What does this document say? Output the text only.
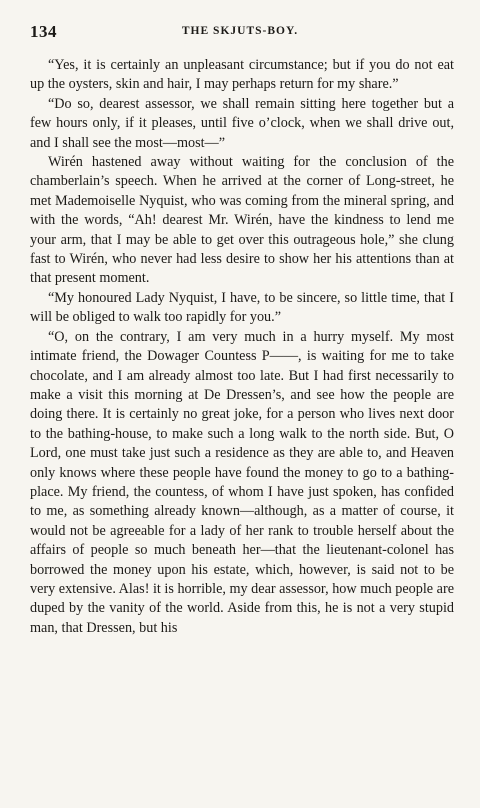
134	THE SKJUTS-BOY.

“Yes, it is certainly an unpleasant circumstance; but if you do not eat up the oysters, skin and hair, I may perhaps return for my share.”

“Do so, dearest assessor, we shall remain sitting here together but a few hours only, if it pleases, until five o’clock, when we shall drive out, and I shall see the most—most—”

Wirén hastened away without waiting for the conclusion of the chamberlain’s speech. When he arrived at the corner of Long-street, he met Mademoiselle Nyquist, who was coming from the mineral spring, and with the words, “Ah! dearest Mr. Wirén, have the kindness to lend me your arm, that I may be able to get over this outrageous hole,” she clung fast to Wirén, who never had less desire to show her his attentions than at that present moment.

“My honoured Lady Nyquist, I have, to be sincere, so little time, that I will be obliged to walk too rapidly for you.”

“O, on the contrary, I am very much in a hurry myself. My most intimate friend, the Dowager Countess P——, is waiting for me to take chocolate, and I am already almost too late. But I had first necessarily to make a visit this morning at De Dressen’s, and see how the people are doing there. It is certainly no great joke, for a person who lives next door to the bathing-house, to make such a long walk to the north side. But, O Lord, one must take just such a residence as they are able to, and Heaven only knows where these people have found the money to go to a bathing-place. My friend, the countess, of whom I have just spoken, has confided to me, as something already known—although, as a matter of course, it would not be agreeable for a lady of her rank to trouble herself about the affairs of people so much beneath her—that the lieutenant-colonel has borrowed the money upon his estate, which, however, is said not to be very extensive. Alas! it is horrible, my dear assessor, how much people are duped by the vanity of the world. Aside from this, he is not a very stupid man, that Dressen, but his
